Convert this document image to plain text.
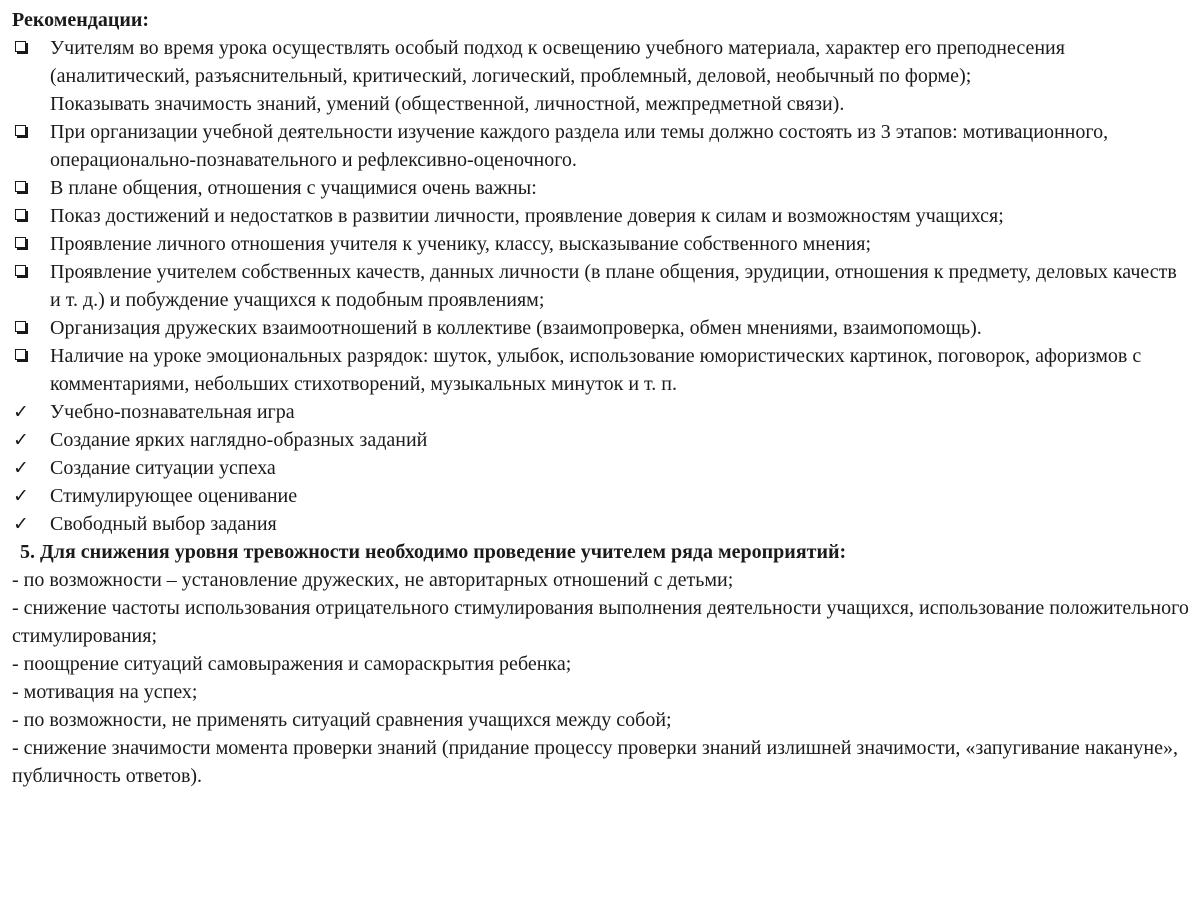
Рекомендации:

Учителям во время урока осуществлять особый подход к освещению учебного материала, характер его преподнесения (аналитический, разъяснительный, критический, логический, проблемный, деловой, необычный по форме);
Показывать значимость знаний, умений (общественной, личностной, межпредметной связи).
При организации учебной деятельности изучение каждого раздела или темы должно состоять из 3 этапов: мотивационного, операционально-познавательного и рефлексивно-оценочного.
В плане общения, отношения с учащимися очень важны:
Показ достижений и недостатков в развитии личности, проявление доверия к силам и возможностям учащихся;
Проявление личного отношения учителя к ученику, классу, высказывание собственного мнения;
Проявление учителем собственных качеств, данных личности (в плане общения, эрудиции, отношения к предмету, деловых качеств и т. д.) и побуждение учащихся к подобным проявлениям;
Организация дружеских взаимоотношений в коллективе (взаимопроверка, обмен мнениями, взаимопомощь).
Наличие на уроке эмоциональных разрядок: шуток, улыбок, использование юмористических картинок, поговорок, афоризмов с комментариями, небольших стихотворений, музыкальных минуток и т. п.
✓ Учебно-познавательная игра
✓ Создание ярких наглядно-образных заданий
✓ Создание ситуации успеха
✓ Стимулирующее оценивание
✓ Свободный выбор задания

5. Для снижения уровня тревожности необходимо проведение учителем ряда мероприятий:

- по возможности – установление дружеских, не авторитарных отношений с детьми;

- снижение частоты использования отрицательного стимулирования выполнения деятельности учащихся, использование положительного стимулирования;

- поощрение ситуаций самовыражения и самораскрытия ребенка;

- мотивация на успех;

- по возможности, не применять ситуаций сравнения учащихся между собой;

- снижение значимости момента проверки знаний (придание процессу проверки знаний излишней значимости, «запугивание накануне», публичность ответов).
